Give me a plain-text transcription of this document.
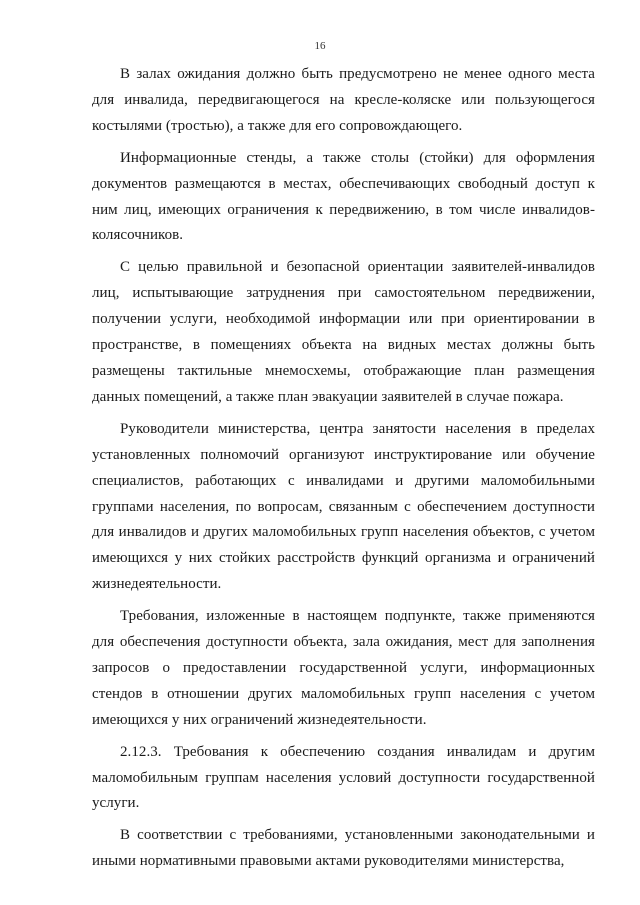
16

В залах ожидания должно быть предусмотрено не менее одного места для инвалида, передвигающегося на кресле-коляске или пользующегося костылями (тростью), а также для его сопровождающего.

Информационные стенды, а также столы (стойки) для оформления документов размещаются в местах, обеспечивающих свободный доступ к ним лиц, имеющих ограничения к передвижению, в том числе инвалидов-колясочников.

С целью правильной и безопасной ориентации заявителей-инвалидов лиц, испытывающие затруднения при самостоятельном передвижении, получении услуги, необходимой информации или при ориентировании в пространстве, в помещениях объекта на видных местах должны быть размещены тактильные мнемосхемы, отображающие план размещения данных помещений, а также план эвакуации заявителей в случае пожара.

Руководители министерства, центра занятости населения в пределах установленных полномочий организуют инструктирование или обучение специалистов, работающих с инвалидами и другими маломобильными группами населения, по вопросам, связанным с обеспечением доступности для инвалидов и других маломобильных групп населения объектов, с учетом имеющихся у них стойких расстройств функций организма и ограничений жизнедеятельности.

Требования, изложенные в настоящем подпункте, также применяются для обеспечения доступности объекта, зала ожидания, мест для заполнения запросов о предоставлении государственной услуги, информационных стендов в отношении других маломобильных групп населения с учетом имеющихся у них ограничений жизнедеятельности.

2.12.3. Требования к обеспечению создания инвалидам и другим маломобильным группам населения условий доступности государственной услуги.

В соответствии с требованиями, установленными законодательными и иными нормативными правовыми актами руководителями министерства,
